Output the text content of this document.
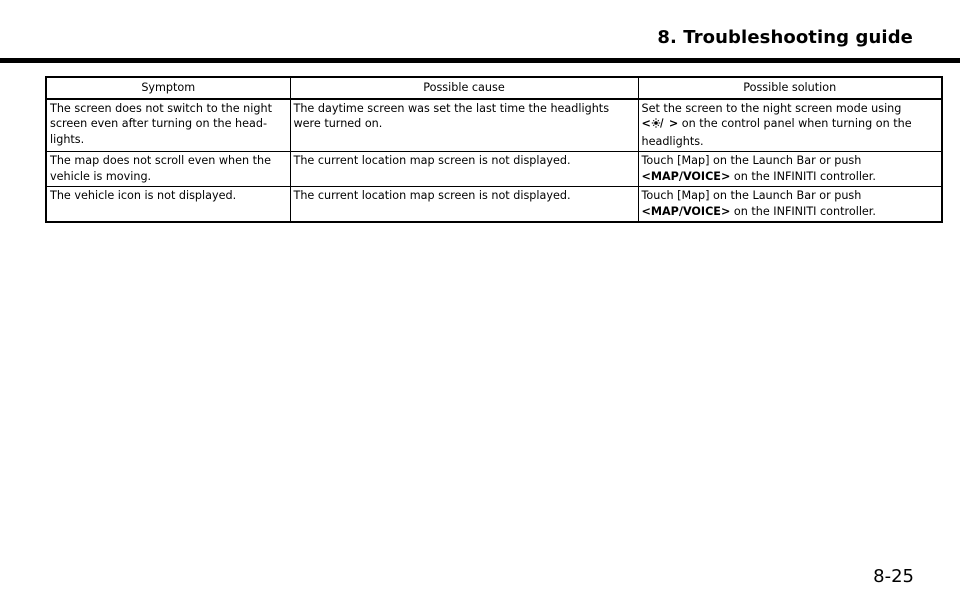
8. Troubleshooting guide
Symptom	Possible cause	Possible solution
The screen does not switch to the night screen even after turning on the head-lights.	The daytime screen was set the last time the headlights were turned on.	Set the screen to the night screen mode using
< > on the control panel when turning on the headlights.
The map does not scroll even when the vehicle is moving.	The current location map screen is not displayed.	Touch [Map] on the Launch Bar or push
<MAP/VOICE> on the INFINITI controller.
The vehicle icon is not displayed.	The current location map screen is not displayed.	Touch [Map] on the Launch Bar or push
<MAP/VOICE> on the INFINITI controller.
8-25
